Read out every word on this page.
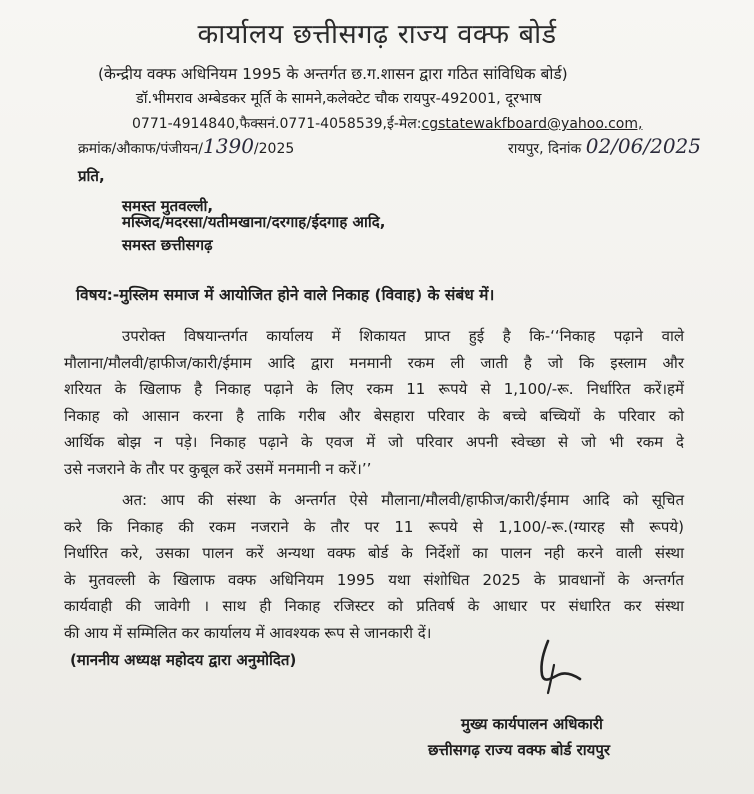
कार्यालय छत्तीसगढ़ राज्य वक्फ बोर्ड
(केन्द्रीय वक्फ अधिनियम 1995 के अन्तर्गत छ.ग.शासन द्वारा गठित सांविधिक बोर्ड)
डॉ.भीमराव अम्बेडकर मूर्ति के सामने,कलेक्टेट चौक रायपुर-492001, दूरभाष
0771-4914840,फैक्सनं.0771-4058539,ई-मेल:cgstatewakfboard@yahoo.com,
क्रमांक/औकाफ/पंजीयन/1390/2025	रायपुर, दिनांक 02/06/2025
प्रति,
समस्त मुतवल्ली,
मस्जिद/मदरसा/यतीमखाना/दरगाह/ईदगाह आदि,
समस्त छत्तीसगढ़
विषय:-मुस्लिम समाज में आयोजित होने वाले निकाह (विवाह) के संबंध में।
उपरोक्त विषयान्तर्गत कार्यालय में शिकायत प्राप्त हुई है कि-‘‘निकाह पढ़ाने वाले
मौलाना/मौलवी/हाफीज/कारी/ईमाम आदि द्वारा मनमानी रकम ली जाती है जो कि इस्लाम और
शरियत के खिलाफ है निकाह पढ़ाने के लिए रकम 11 रूपये से 1,100/-रू. निर्धारित करें।हमें
निकाह को आसान करना है ताकि गरीब और बेसहारा परिवार के बच्चे बच्चियों के परिवार को
आर्थिक बोझ न पड़े। निकाह पढ़ाने के एवज में जो परिवार अपनी स्वेच्छा से जो भी रकम दे
उसे नजराने के तौर पर कुबूल करें उसमें मनमानी न करें।’’
अत: आप की संस्था के अन्तर्गत ऐसे मौलाना/मौलवी/हाफीज/कारी/ईमाम आदि को सूचित
करे कि निकाह की रकम नजराने के तौर पर 11 रूपये से 1,100/-रू.(ग्यारह सौ रूपये)
निर्धारित करे, उसका पालन करें अन्यथा वक्फ बोर्ड के निर्देशों का पालन नही करने वाली संस्था
के मुतवल्ली के खिलाफ वक्फ अधिनियम 1995 यथा संशोधित 2025 के प्रावधानों के अन्तर्गत
कार्यवाही की जावेगी । साथ ही निकाह रजिस्टर को प्रतिवर्ष के आधार पर संधारित कर संस्था
की आय में सम्मिलित कर कार्यालय में आवश्यक रूप से जानकारी दें।
(माननीय अध्यक्ष महोदय द्वारा अनुमोदित)
मुख्य कार्यपालन अधिकारी
छत्तीसगढ़ राज्य वक्फ बोर्ड रायपुर
